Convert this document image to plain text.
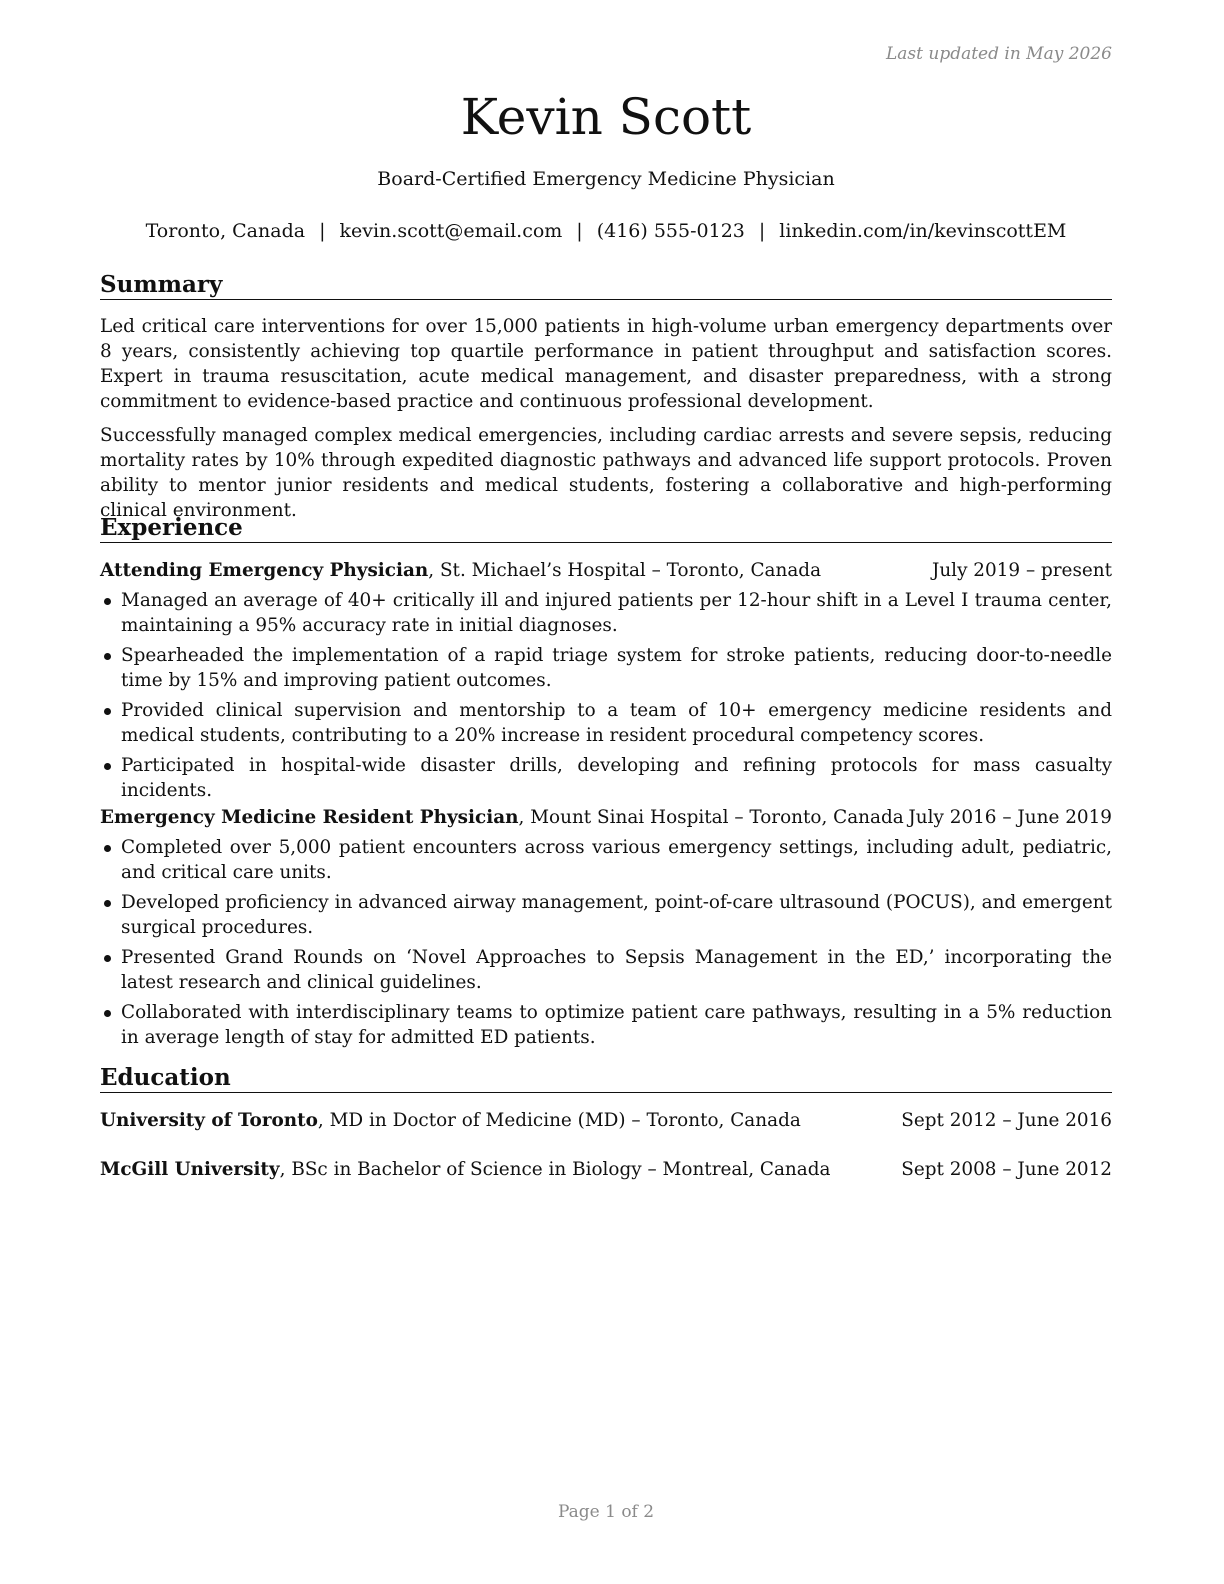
Last updated in May 2026
Kevin Scott
Board-Certified Emergency Medicine Physician
Toronto, Canada | kevin.scott@email.com | (416) 555-0123 | linkedin.com/in/kevinscottEM
Summary
Led critical care interventions for over 15,000 patients in high-volume urban emergency departments over 8 years, consistently achieving top quartile performance in patient throughput and satisfaction scores. Expert in trauma resuscitation, acute medical management, and disaster preparedness, with a strong commitment to evidence-based practice and continuous professional development.
Successfully managed complex medical emergencies, including cardiac arrests and severe sepsis, reducing mortality rates by 10% through expedited diagnostic pathways and advanced life support protocols. Proven ability to mentor junior residents and medical students, fostering a collaborative and high-performing clinical environment.
Experience
Attending Emergency Physician, St. Michael’s Hospital – Toronto, Canada	July 2019 – present
Managed an average of 40+ critically ill and injured patients per 12-hour shift in a Level I trauma center, maintaining a 95% accuracy rate in initial diagnoses.
Spearheaded the implementation of a rapid triage system for stroke patients, reducing door-to-needle time by 15% and improving patient outcomes.
Provided clinical supervision and mentorship to a team of 10+ emergency medicine residents and medical students, contributing to a 20% increase in resident procedural competency scores.
Participated in hospital-wide disaster drills, developing and refining protocols for mass casualty incidents.
Emergency Medicine Resident Physician, Mount Sinai Hospital – Toronto, Canada July 2016 – June 2019
Completed over 5,000 patient encounters across various emergency settings, including adult, pediatric, and critical care units.
Developed proficiency in advanced airway management, point-of-care ultrasound (POCUS), and emergent surgical procedures.
Presented Grand Rounds on ‘Novel Approaches to Sepsis Management in the ED,’ incorporating the latest research and clinical guidelines.
Collaborated with interdisciplinary teams to optimize patient care pathways, resulting in a 5% reduction in average length of stay for admitted ED patients.
Education
University of Toronto, MD in Doctor of Medicine (MD) – Toronto, Canada	Sept 2012 – June 2016
McGill University, BSc in Bachelor of Science in Biology – Montreal, Canada	Sept 2008 – June 2012
Page 1 of 2
